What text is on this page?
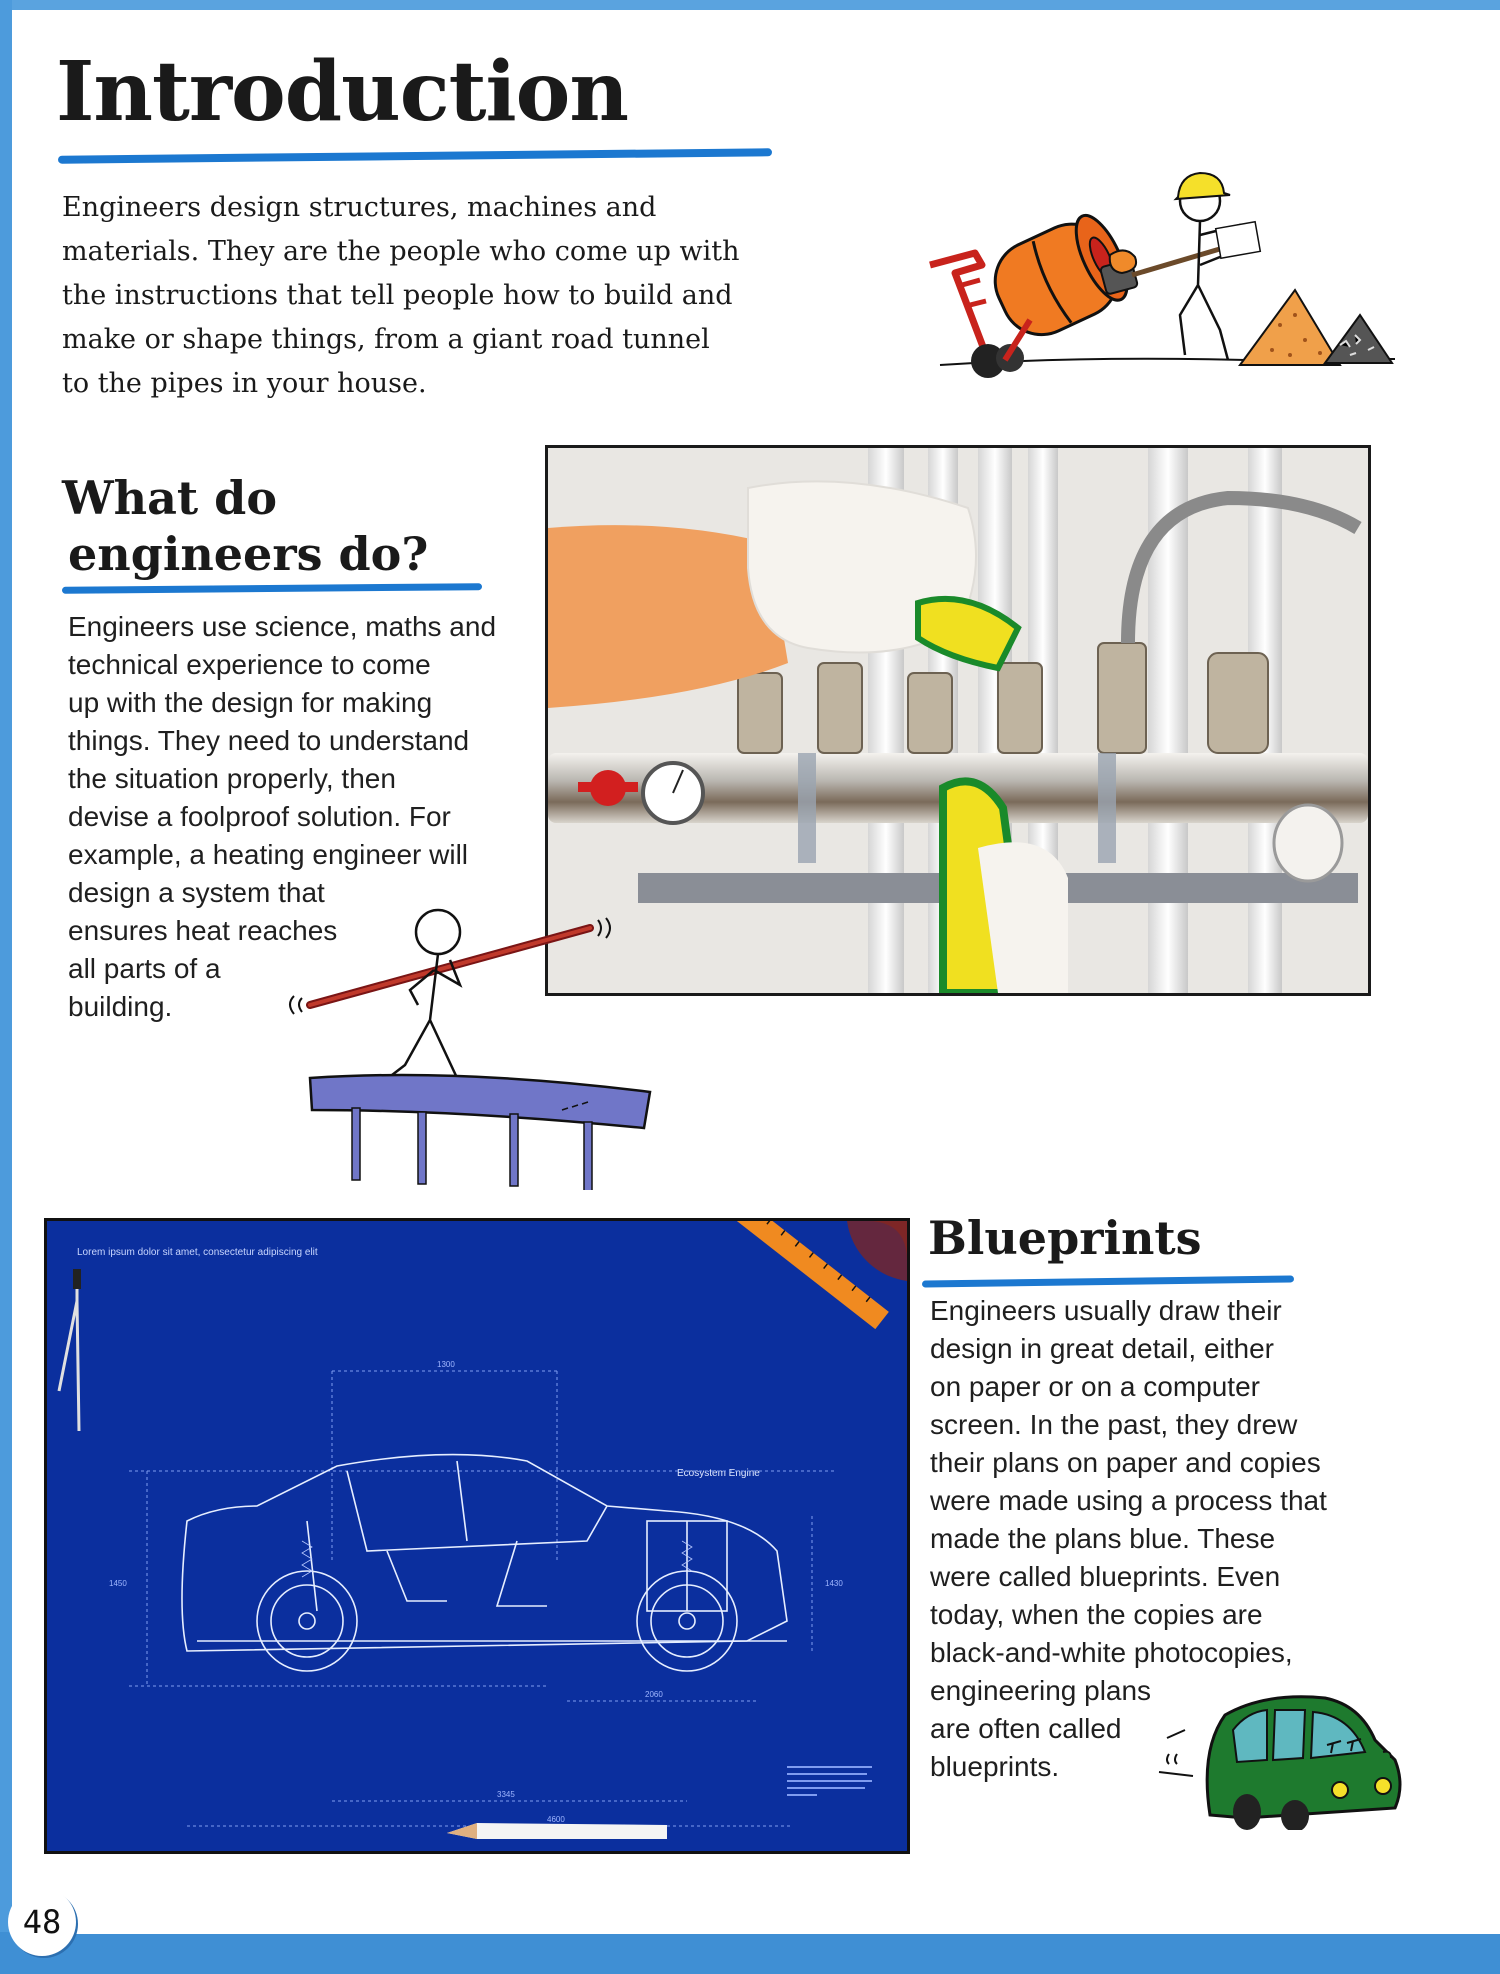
Introduction
Engineers design structures, machines and
materials. They are the people who come up with
the instructions that tell people how to build and
make or shape things, from a giant road tunnel
to the pipes in your house.
What do
engineers do?
Engineers use science, maths and
technical experience to come
up with the design for making
things. They need to understand
the situation properly, then
devise a foolproof solution. For
example, a heating engineer will
design a system that
ensures heat reaches
all parts of a
building.
Lorem ipsum dolor sit amet, consectetur adipiscing elit
Ecosystem Engine
1300
1450	1430
2060
3345
4600
Blueprints
Engineers usually draw their
design in great detail, either
on paper or on a computer
screen. In the past, they drew
their plans on paper and copies
were made using a process that
made the plans blue. These
were called blueprints. Even
today, when the copies are
black-and-white photocopies,
engineering plans
are often called
blueprints.
48
